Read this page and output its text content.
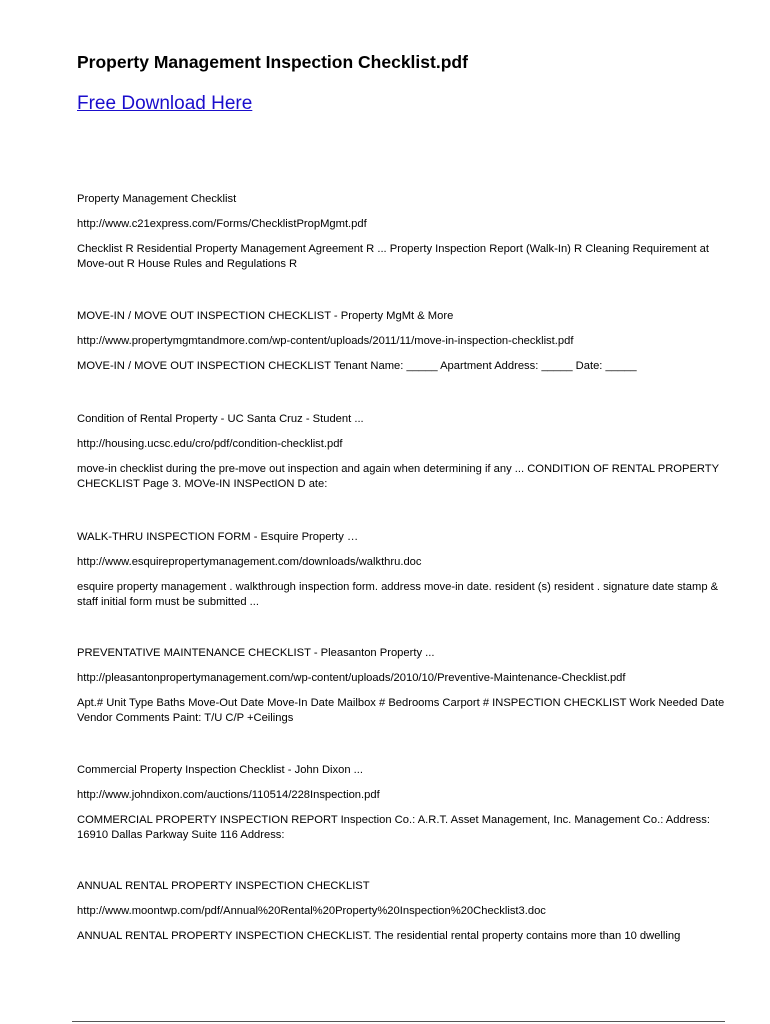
Property Management Inspection Checklist.pdf
Free Download Here
Property Management Checklist
http://www.c21express.com/Forms/ChecklistPropMgmt.pdf
Checklist R Residential Property Management Agreement R ... Property Inspection Report (Walk-In) R Cleaning Requirement at Move-out R House Rules and Regulations R
MOVE-IN / MOVE OUT INSPECTION CHECKLIST - Property MgMt & More
http://www.propertymgmtandmore.com/wp-content/uploads/2011/11/move-in-inspection-checklist.pdf
MOVE-IN / MOVE OUT INSPECTION CHECKLIST Tenant Name: _____ Apartment Address: _____ Date: _____
Condition of Rental Property - UC Santa Cruz - Student ...
http://housing.ucsc.edu/cro/pdf/condition-checklist.pdf
move-in checklist during the pre-move out inspection and again when determining if any ... CONDITION OF RENTAL PROPERTY CHECKLIST Page 3. MOVe-IN INSPectION D ate:
WALK-THRU INSPECTION FORM - Esquire Property …
http://www.esquirepropertymanagement.com/downloads/walkthru.doc
esquire property management . walkthrough inspection form. address move-in date. resident (s) resident . signature date stamp & staff initial form must be submitted ...
PREVENTATIVE MAINTENANCE CHECKLIST - Pleasanton Property ...
http://pleasantonpropertymanagement.com/wp-content/uploads/2010/10/Preventive-Maintenance-Checklist.pdf
Apt.# Unit Type Baths Move-Out Date Move-In Date Mailbox # Bedrooms Carport # INSPECTION CHECKLIST Work Needed Date Vendor Comments Paint: T/U C/P +Ceilings
Commercial Property Inspection Checklist - John Dixon ...
http://www.johndixon.com/auctions/110514/228Inspection.pdf
COMMERCIAL PROPERTY INSPECTION REPORT Inspection Co.: A.R.T. Asset Management, Inc. Management Co.: Address: 16910 Dallas Parkway Suite 116 Address:
ANNUAL RENTAL PROPERTY INSPECTION CHECKLIST
http://www.moontwp.com/pdf/Annual%20Rental%20Property%20Inspection%20Checklist3.doc
ANNUAL RENTAL PROPERTY INSPECTION CHECKLIST. The residential rental property contains more than 10 dwelling
